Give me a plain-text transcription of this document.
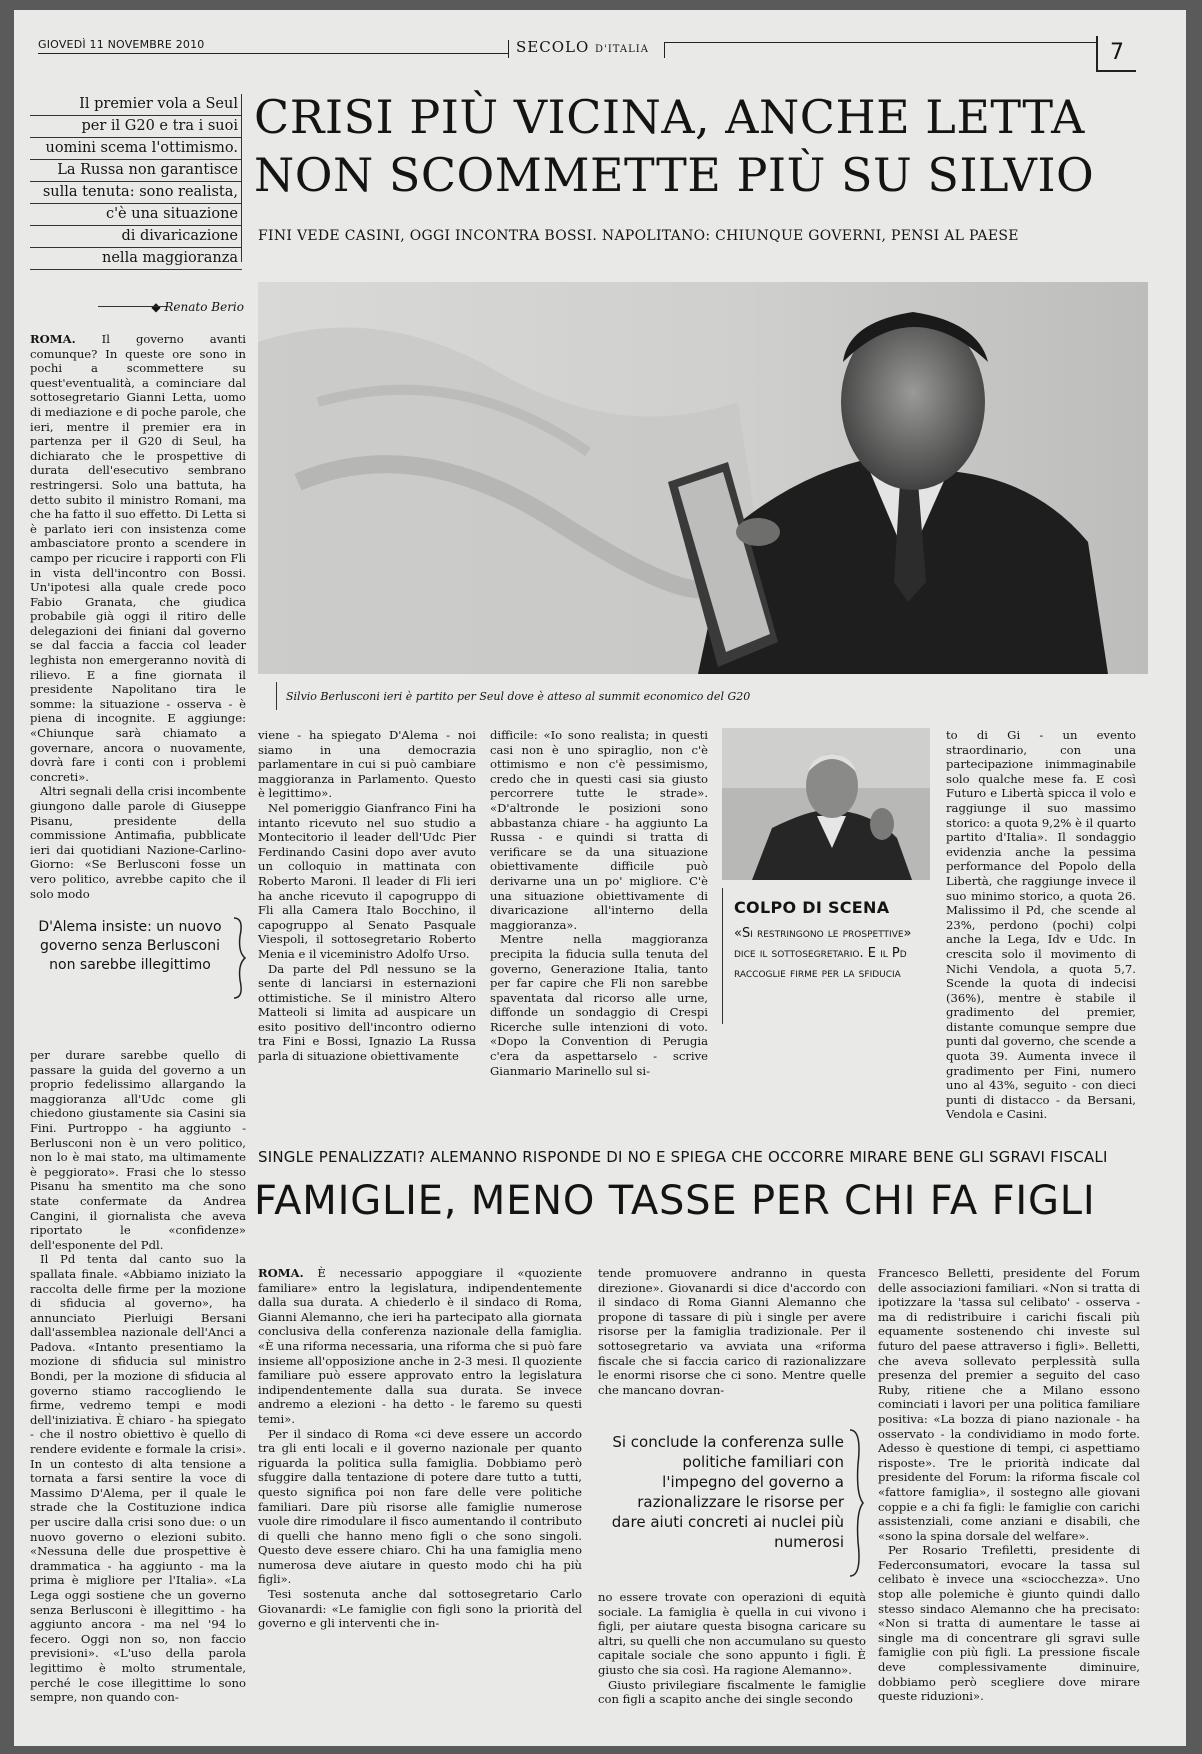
GIOVEDÌ 11 NOVEMBRE 2010	SECOLO D'ITALIA	7
Il premier vola a Seul
per il G20 e tra i suoi
uomini scema l'ottimismo.
La Russa non garantisce
sulla tenuta: sono realista,
c'è una situazione
di divaricazione
nella maggioranza
◆ Renato Berio
CRISI PIÙ VICINA, ANCHE LETTA
NON SCOMMETTE PIÙ SU SILVIO
FINI VEDE CASINI, OGGI INCONTRA BOSSI. NAPOLITANO: CHIUNQUE GOVERNI, PENSI AL PAESE
Silvio Berlusconi ieri è partito per Seul dove è atteso al summit economico del G20

ROMA. Il governo avanti comunque? In queste ore sono in pochi a scommettere su quest'eventualità, a cominciare dal sottosegretario Gianni Letta, uomo di mediazione e di poche parole, che ieri, mentre il premier era in partenza per il G20 di Seul, ha dichiarato che le prospettive di durata dell'esecutivo sembrano restringersi. Solo una battuta, ha detto subito il ministro Romani, ma che ha fatto il suo effetto. Di Letta si è parlato ieri con insistenza come ambasciatore pronto a scendere in campo per ricucire i rapporti con Fli in vista dell'incontro con Bossi. Un'ipotesi alla quale crede poco Fabio Granata, che giudica probabile già oggi il ritiro delle delegazioni dei finiani dal governo se dal faccia a faccia col leader leghista non emergeranno novità di rilievo. E a fine giornata il presidente Napolitano tira le somme: la situazione - osserva - è piena di incognite. E aggiunge: «Chiunque sarà chiamato a governare, ancora o nuovamente, dovrà fare i conti con i problemi concreti».

Altri segnali della crisi incombente giungono dalle parole di Giuseppe Pisanu, presidente della commissione Antimafia, pubblicate ieri dai quotidiani Nazione-Carlino-Giorno: «Se Berlusconi fosse un vero politico, avrebbe capito che il solo modo

D'Alema insiste: un nuovo governo senza Berlusconi non sarebbe illegittimo

per durare sarebbe quello di passare la guida del governo a un proprio fedelissimo allargando la maggioranza all'Udc come gli chiedono giustamente sia Casini sia Fini. Purtroppo - ha aggiunto - Berlusconi non è un vero politico, non lo è mai stato, ma ultimamente è peggiorato». Frasi che lo stesso Pisanu ha smentito ma che sono state confermate da Andrea Cangini, il giornalista che aveva riportato le «confidenze» dell'esponente del Pdl.

Il Pd tenta dal canto suo la spallata finale. «Abbiamo iniziato la raccolta delle firme per la mozione di sfiducia al governo», ha annunciato Pierluigi Bersani dall'assemblea nazionale dell'Anci a Padova. «Intanto presentiamo la mozione di sfiducia sul ministro Bondi, per la mozione di sfiducia al governo stiamo raccogliendo le firme, vedremo tempi e modi dell'iniziativa. È chiaro - ha spiegato - che il nostro obiettivo è quello di rendere evidente e formale la crisi». In un contesto di alta tensione a tornata a farsi sentire la voce di Massimo D'Alema, per il quale le strade che la Costituzione indica per uscire dalla crisi sono due: o un nuovo governo o elezioni subito. «Nessuna delle due prospettive è drammatica - ha aggiunto - ma la prima è migliore per l'Italia». «La Lega oggi sostiene che un governo senza Berlusconi è illegittimo - ha aggiunto ancora - ma nel '94 lo fecero. Oggi non so, non faccio previsioni». «L'uso della parola legittimo è molto strumentale, perché le cose illegittime lo sono sempre, non quando con-

viene - ha spiegato D'Alema - noi siamo in una democrazia parlamentare in cui si può cambiare maggioranza in Parlamento. Questo è legittimo».

Nel pomeriggio Gianfranco Fini ha intanto ricevuto nel suo studio a Montecitorio il leader dell'Udc Pier Ferdinando Casini dopo aver avuto un colloquio in mattinata con Roberto Maroni. Il leader di Fli ieri ha anche ricevuto il capogruppo di Fli alla Camera Italo Bocchino, il capogruppo al Senato Pasquale Viespoli, il sottosegretario Roberto Menia e il viceministro Adolfo Urso.

Da parte del Pdl nessuno se la sente di lanciarsi in esternazioni ottimistiche. Se il ministro Altero Matteoli si limita ad auspicare un esito positivo dell'incontro odierno tra Fini e Bossi, Ignazio La Russa parla di situazione obiettivamente

difficile: «Io sono realista; in questi casi non è uno spiraglio, non c'è ottimismo e non c'è pessimismo, credo che in questi casi sia giusto percorrere tutte le strade». «D'altronde le posizioni sono abbastanza chiare - ha aggiunto La Russa - e quindi si tratta di verificare se da una situazione obiettivamente difficile può derivarne una un po' migliore. C'è una situazione obiettivamente di divaricazione all'interno della maggioranza».

Mentre nella maggioranza precipita la fiducia sulla tenuta del governo, Generazione Italia, tanto per far capire che Fli non sarebbe spaventata dal ricorso alle urne, diffonde un sondaggio di Crespi Ricerche sulle intenzioni di voto. «Dopo la Convention di Perugia c'era da aspettarselo - scrive Gianmario Marinello sul si-

COLPO DI SCENA
«Si restringono le prospettive» dice il sottosegretario. E il Pd raccoglie firme per la sfiducia

to di Gi - un evento straordinario, con una partecipazione inimmaginabile solo qualche mese fa. E così Futuro e Libertà spicca il volo e raggiunge il suo massimo storico: a quota 9,2% è il quarto partito d'Italia». Il sondaggio evidenzia anche la pessima performance del Popolo della Libertà, che raggiunge invece il suo minimo storico, a quota 26. Malissimo il Pd, che scende al 23%, perdono (pochi) colpi anche la Lega, Idv e Udc. In crescita solo il movimento di Nichi Vendola, a quota 5,7. Scende la quota di indecisi (36%), mentre è stabile il gradimento del premier, distante comunque sempre due punti dal governo, che scende a quota 39. Aumenta invece il gradimento per Fini, numero uno al 43%, seguito - con dieci punti di distacco - da Bersani, Vendola e Casini.

SINGLE PENALIZZATI? ALEMANNO RISPONDE DI NO E SPIEGA CHE OCCORRE MIRARE BENE GLI SGRAVI FISCALI
FAMIGLIE, MENO TASSE PER CHI FA FIGLI

ROMA. È necessario appoggiare il «quoziente familiare» entro la legislatura, indipendentemente dalla sua durata. A chiederlo è il sindaco di Roma, Gianni Alemanno, che ieri ha partecipato alla giornata conclusiva della conferenza nazionale della famiglia. «È una riforma necessaria, una riforma che si può fare insieme all'opposizione anche in 2-3 mesi. Il quoziente familiare può essere approvato entro la legislatura indipendentemente dalla sua durata. Se invece andremo a elezioni - ha detto - le faremo su questi temi».

Per il sindaco di Roma «ci deve essere un accordo tra gli enti locali e il governo nazionale per quanto riguarda la politica sulla famiglia. Dobbiamo però sfuggire dalla tentazione di potere dare tutto a tutti, questo significa poi non fare delle vere politiche familiari. Dare più risorse alle famiglie numerose vuole dire rimodulare il fisco aumentando il contributo di quelli che hanno meno figli o che sono singoli. Questo deve essere chiaro. Chi ha una famiglia meno numerosa deve aiutare in questo modo chi ha più figli».

Tesi sostenuta anche dal sottosegretario Carlo Giovanardi: «Le famiglie con figli sono la priorità del governo e gli interventi che in-

tende promuovere andranno in questa direzione». Giovanardi si dice d'accordo con il sindaco di Roma Gianni Alemanno che propone di tassare di più i single per avere risorse per la famiglia tradizionale. Per il sottosegretario va avviata una «riforma fiscale che si faccia carico di razionalizzare le enormi risorse che ci sono. Mentre quelle che mancano dovran-

Si conclude la conferenza sulle politiche familiari con l'impegno del governo a razionalizzare le risorse per dare aiuti concreti ai nuclei più numerosi

no essere trovate con operazioni di equità sociale. La famiglia è quella in cui vivono i figli, per aiutare questa bisogna caricare su altri, su quelli che non accumulano su questo capitale sociale che sono appunto i figli. È giusto che sia così. Ha ragione Alemanno».

Giusto privilegiare fiscalmente le famiglie con figli a scapito anche dei single secondo

Francesco Belletti, presidente del Forum delle associazioni familiari. «Non si tratta di ipotizzare la 'tassa sul celibato' - osserva - ma di redistribuire i carichi fiscali più equamente sostenendo chi investe sul futuro del paese attraverso i figli». Belletti, che aveva sollevato perplessità sulla presenza del premier a seguito del caso Ruby, ritiene che a Milano essono cominciati i lavori per una politica familiare positiva: «La bozza di piano nazionale - ha osservato - la condividiamo in modo forte. Adesso è questione di tempi, ci aspettiamo risposte». Tre le priorità indicate dal presidente del Forum: la riforma fiscale col «fattore famiglia», il sostegno alle giovani coppie e a chi fa figli: le famiglie con carichi assistenziali, come anziani e disabili, che «sono la spina dorsale del welfare».

Per Rosario Trefiletti, presidente di Federconsumatori, evocare la tassa sul celibato è invece una «sciocchezza». Uno stop alle polemiche è giunto quindi dallo stesso sindaco Alemanno che ha precisato: «Non si tratta di aumentare le tasse ai single ma di concentrare gli sgravi sulle famiglie con più figli. La pressione fiscale deve complessivamente diminuire, dobbiamo però scegliere dove mirare queste riduzioni».
